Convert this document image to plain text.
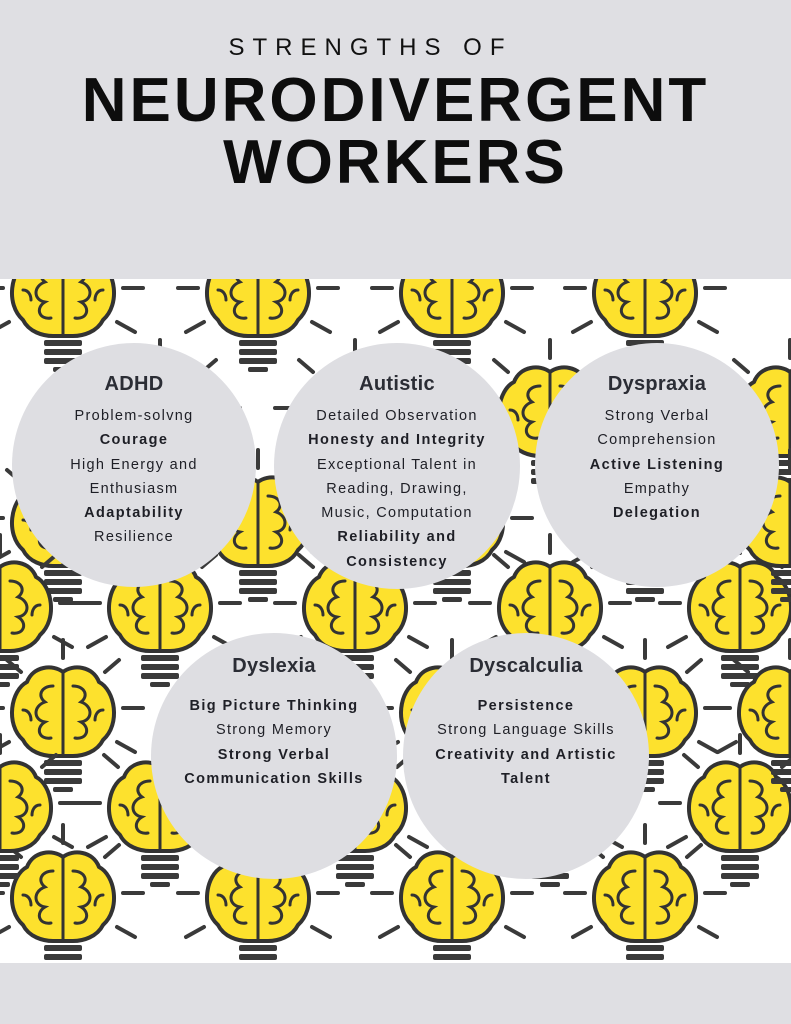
STRENGTHS OF
NEURODIVERGENT
WORKERS
ADHD
Problem-solvng
Courage
High Energy and
Enthusiasm
Adaptability
Resilience
Autistic
Detailed Observation
Honesty and Integrity
Exceptional Talent in
Reading, Drawing,
Music, Computation
Reliability and
Consistency
Dyspraxia
Strong Verbal
Comprehension
Active Listening
Empathy
Delegation
Dyslexia
Big Picture Thinking
Strong Memory
Strong Verbal
Communication Skills
Dyscalculia
Persistence
Strong Language Skills
Creativity and Artistic
Talent
